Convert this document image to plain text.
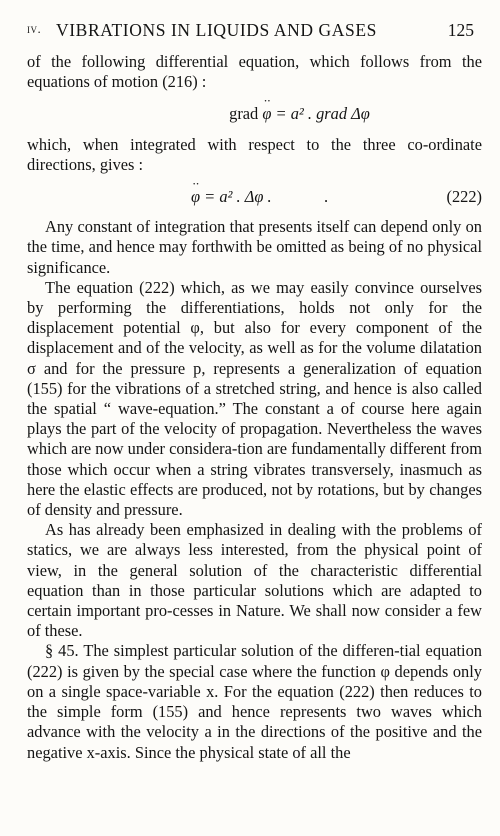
iv. VIBRATIONS IN LIQUIDS AND GASES	125

of the following differential equation, which follows from the equations of motion (216) :

grad ·· φ = a² . grad Δφ

which, when integrated with respect to the three co-ordinate directions, gives :

·· φ = a² . Δφ .	.	(222)

Any constant of integration that presents itself can depend only on the time, and hence may forthwith be omitted as being of no physical significance.

The equation (222) which, as we may easily convince ourselves by performing the differentiations, holds not only for the displacement potential φ, but also for every component of the displacement and of the velocity, as well as for the volume dilatation σ and for the pressure p, represents a generalization of equation (155) for the vibrations of a stretched string, and hence is also called the spatial “ wave-equation.” The constant a of course here again plays the part of the velocity of propagation. Nevertheless the waves which are now under considera-tion are fundamentally different from those which occur when a string vibrates transversely, inasmuch as here the elastic effects are produced, not by rotations, but by changes of density and pressure.

As has already been emphasized in dealing with the problems of statics, we are always less interested, from the physical point of view, in the general solution of the characteristic differential equation than in those particular solutions which are adapted to certain important pro-cesses in Nature. We shall now consider a few of these.

§ 45. The simplest particular solution of the differen-tial equation (222) is given by the special case where the function φ depends only on a single space-variable x. For the equation (222) then reduces to the simple form (155) and hence represents two waves which advance with the velocity a in the directions of the positive and the negative x-axis. Since the physical state of all the
